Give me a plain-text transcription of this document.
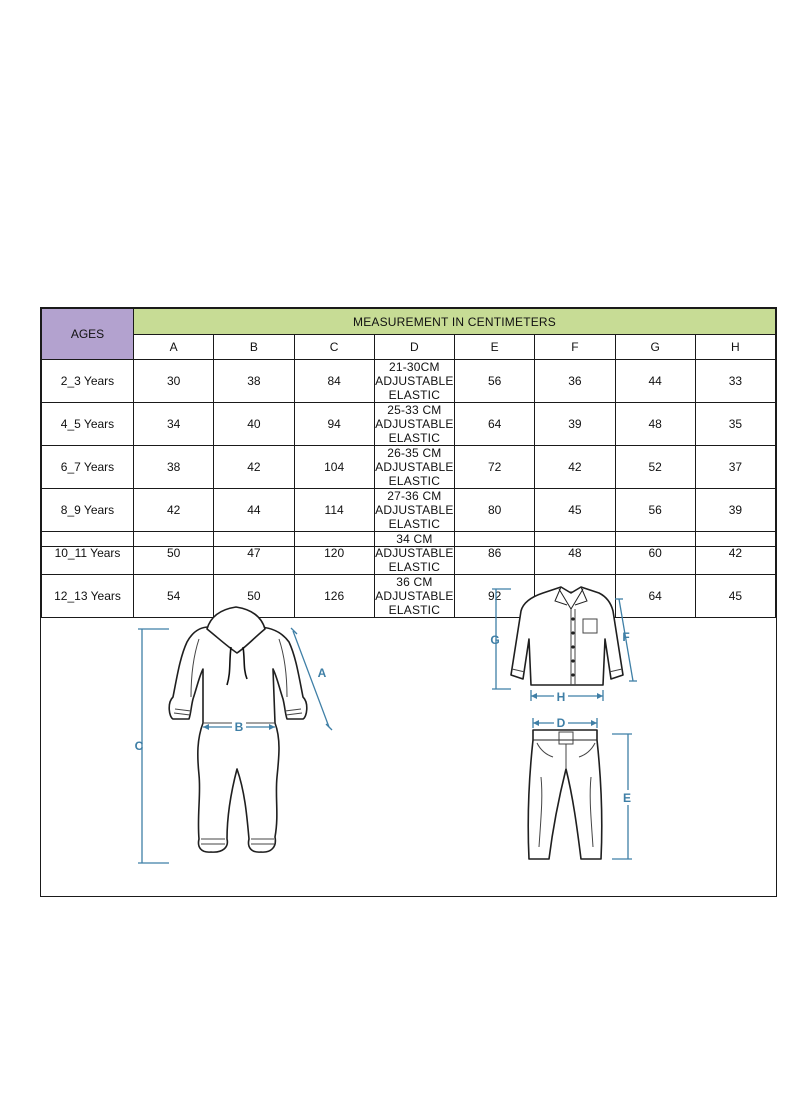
AGES	MEASUREMENT IN CENTIMETERS							
	A	B	C	D	E	F	G	H
2_3 Years	30	38	84	21-30CM ADJUSTABLE ELASTIC	56	36	44	33
4_5 Years	34	40	94	25-33 CM ADJUSTABLE ELASTIC	64	39	48	35
6_7 Years	38	42	104	26-35 CM ADJUSTABLE ELASTIC	72	42	52	37
8_9 Years	42	44	114	27-36 CM ADJUSTABLE ELASTIC	80	45	56	39
10_11 Years	50	47	120	34 CM ADJUSTABLE ELASTIC	86	48	60	42
12_13 Years	54	50	126	36 CM ADJUSTABLE ELASTIC	92		64	45
C
B
A
G	F
H
D
E
